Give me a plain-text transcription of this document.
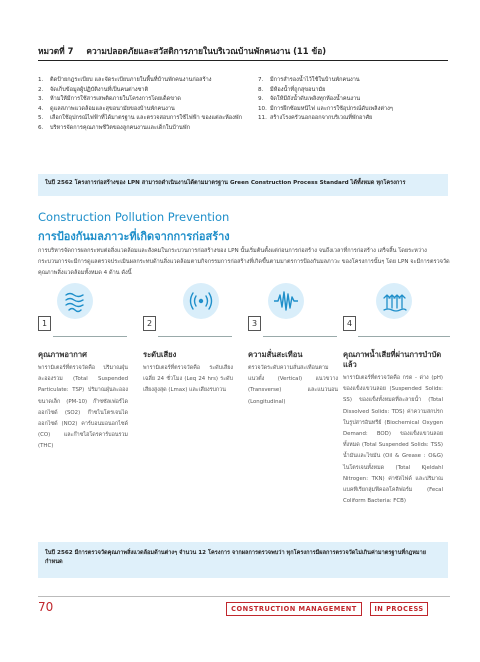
หมวดที่ 7 ความปลอดภัยและสวัสดิการภายในบริเวณบ้านพักคนงาน (11 ข้อ)
1.	ติดป้ายกฎระเบียบ และจัดระเบียบภายในพื้นที่บ้านพักคนงานก่อสร้าง
2.	จัดเก็บข้อมูลผู้ปฏิบัติงานที่เป็นคนต่างชาติ
3.	ห้ามให้มีการใช้สารเสพติดภายในโครงการโดยเด็ดขาด
4.	ดูแลสภาพแวดล้อมและสุขอนามัยของบ้านพักคนงาน
5.	เลือกใช้อุปกรณ์ไฟฟ้าที่ได้มาตรฐาน และตรวจสอบการใช้ไฟฟ้า ของแต่ละห้องพัก
6.	บริหารจัดการคุณภาพชีวิตของลูกคนงานและเด็กในบ้านพัก
7.	มีการสำรองน้ำไว้ใช้ในบ้านพักคนงาน
8.	มีห้องน้ำที่ถูกสุขอนามัย
9.	จัดให้มีถังน้ำดับเพลิงทุกห้องน้ำคนงาน
10. มีการฝึกซ้อมหนีไฟ และการใช้อุปกรณ์ดับเพลิงต่างๆ
11. สร้างโรงครัวนอกออกจากบริเวณที่พักอาศัย
ในปี 2562 โครงการก่อสร้างของ LPN สามารถดำเนินงานได้ตามมาตรฐาน Green Construction Process Standard ได้ทั้งหมด ทุกโครงการ
Construction Pollution Prevention
การป้องกันมลภาวะที่เกิดจากการก่อสร้าง
การบริหารจัดการผลกระทบต่อสิ่งแวดล้อมและสังคมในกระบวนการก่อสร้างของ LPN นั้นเริ่มต้นตั้งแต่ก่อนการก่อสร้าง จนถึงเวลาที่การก่อสร้าง เสร็จสิ้น โดยระหว่างกระบวนการจะมีการดูแลตรวจประเมินผลกระทบด้านสิ่งแวดล้อมตามกิจกรรมการก่อสร้างที่เกิดขึ้นตามมาตรการป้องกันมลภาวะ ของโครงการนั้นๆ โดย LPN จะมีการตรวจวัดคุณภาพสิ่งแวดล้อมทั้งหมด 4 ด้าน ดังนี้
1	2	3	4
คุณภาพอากาศ

พารามิเตอร์ที่ตรวจวัดคือ ปริมาณฝุ่นละอองรวม (Total Suspended Particulate: TSP) ปริมาณฝุ่นละอองขนาดเล็ก (PM-10) ก๊าซซัลเฟอร์ไดออกไซด์ (SO2) ก๊าซไนโตรเจนไดออกไซด์ (NO2) คาร์บอนมอนอกไซด์ (CO) และก๊าซไฮโดรคาร์บอนรวม (THC)

ระดับเสียง

พารามิเตอร์ที่ตรวจวัดคือ ระดับเสียงเฉลี่ย 24 ชั่วโมง (Leq 24 hrs) ระดับเสียงสูงสุด (Lmax) และเสียงรบกวน

ความสั่นสะเทือน

ตรวจวัดระดับความสั่นสะเทือนตามแนวตั้ง (Vertical) แนวขวาง (Transverse) และแนวนอน (Longitudinal)

คุณภาพน้ำเสียที่ผ่านการบำบัดแล้ว

พารามิเตอร์ที่ตรวจวัดคือ กรด - ด่าง (pH) ของแข็งแขวนลอย (Suspended Solids: SS) ของแข็งทั้งหมดที่ละลายน้ำ (Total Dissolved Solids: TDS) ค่าความสกปรกในรูปสารอินทรีย์ (Biochemical Oxygen Demand: BOD) ของแข็งแขวนลอยทั้งหมด (Total Suspended Solids: TSS) น้ำมันและไขมัน (Oil & Grease : O&G) ไนโตรเจนทั้งหมด (Total Kjeldahl Nitrogen: TKN) ค่าซัลไฟด์ และปริมาณแบคทีเรียกลุ่มฟีคอลโคลิฟอร์ม (Fecal Coliform Bacteria: FCB)

ในปี 2562 มีการตรวจวัดคุณภาพสิ่งแวดล้อมด้านต่างๆ จำนวน 12 โครงการ จากผลการตรวจพบว่า ทุกโครงการมีผลการตรวจวัดไม่เกินค่ามาตรฐานที่กฎหมายกำหนด
70	CONSTRUCTION MANAGEMENT	IN PROCESS
